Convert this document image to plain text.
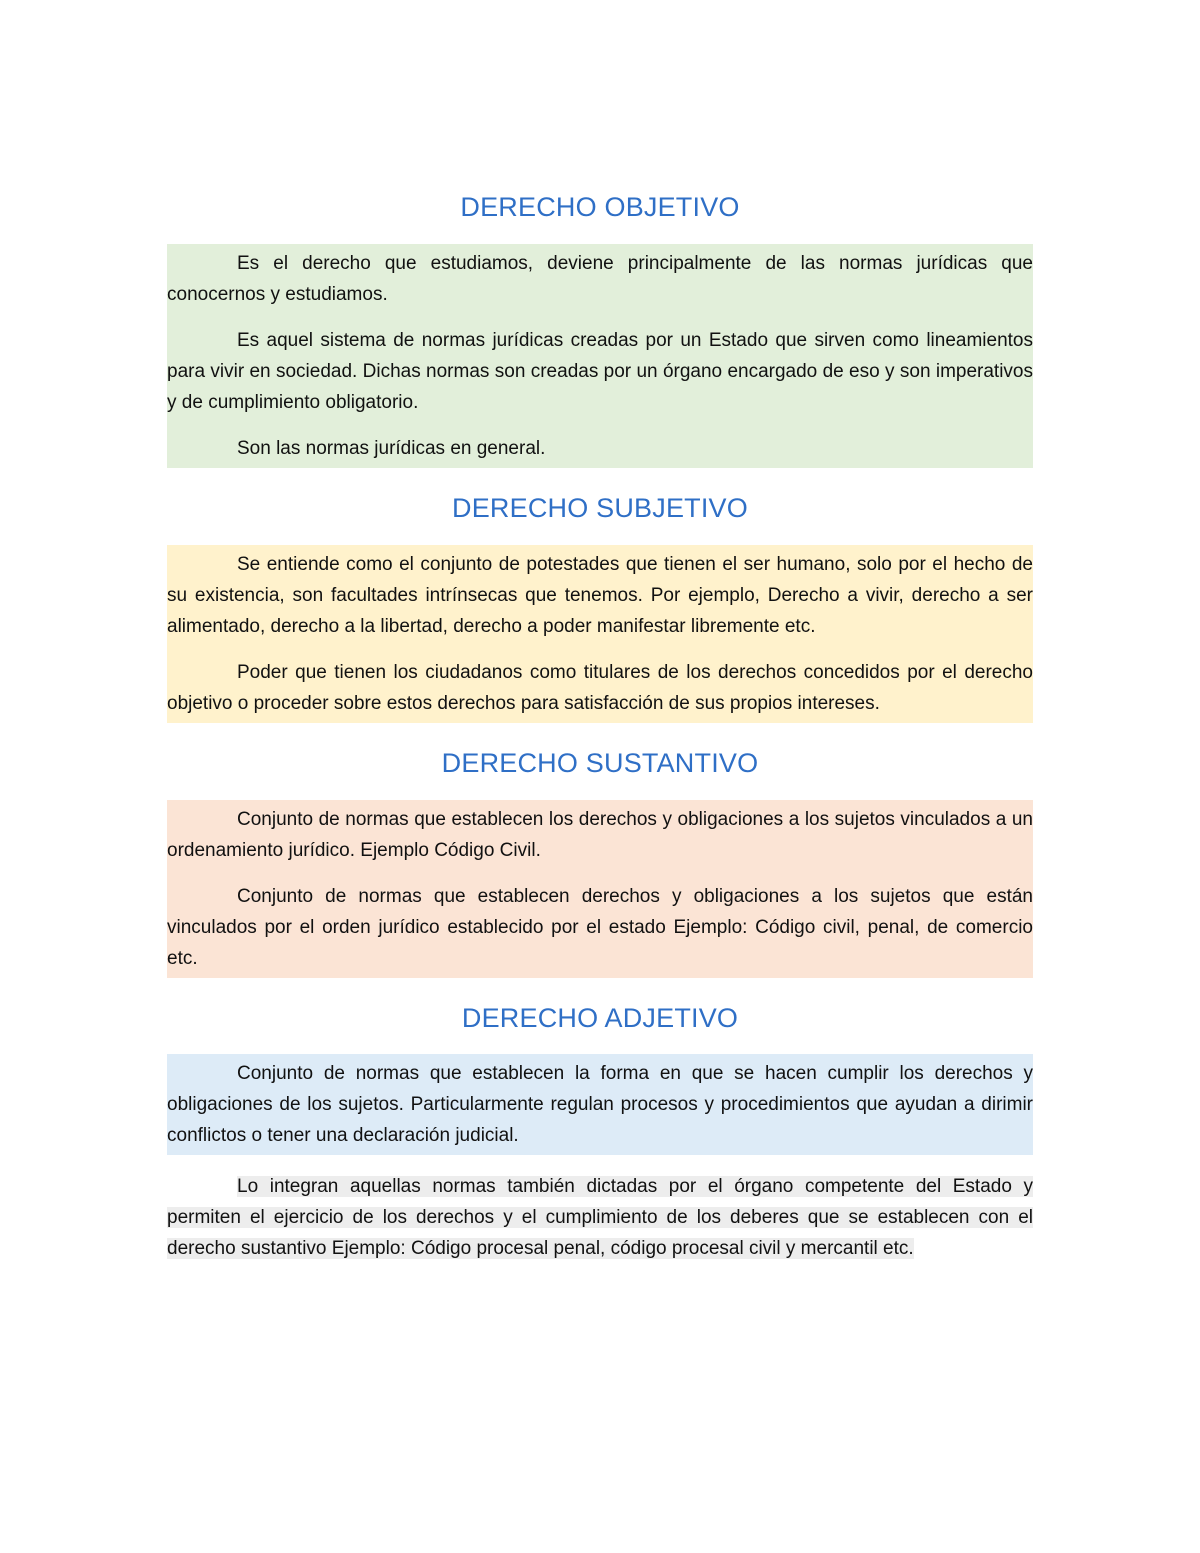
DERECHO OBJETIVO

Es el derecho que estudiamos, deviene principalmente de las normas jurídicas que conocernos y estudiamos.

Es aquel sistema de normas jurídicas creadas por un Estado que sirven como lineamientos para vivir en sociedad. Dichas normas son creadas por un órgano encargado de eso y son imperativos y de cumplimiento obligatorio.

Son las normas jurídicas en general.

DERECHO SUBJETIVO

Se entiende como el conjunto de potestades que tienen el ser humano, solo por el hecho de su existencia, son facultades intrínsecas que tenemos. Por ejemplo, Derecho a vivir, derecho a ser alimentado, derecho a la libertad, derecho a poder manifestar libremente etc.

Poder que tienen los ciudadanos como titulares de los derechos concedidos por el derecho objetivo o proceder sobre estos derechos para satisfacción de sus propios intereses.

DERECHO SUSTANTIVO

Conjunto de normas que establecen los derechos y obligaciones a los sujetos vinculados a un ordenamiento jurídico. Ejemplo Código Civil.

Conjunto de normas que establecen derechos y obligaciones a los sujetos que están vinculados por el orden jurídico establecido por el estado Ejemplo: Código civil, penal, de comercio etc.

DERECHO ADJETIVO

Conjunto de normas que establecen la forma en que se hacen cumplir los derechos y obligaciones de los sujetos. Particularmente regulan procesos y procedimientos que ayudan a dirimir conflictos o tener una declaración judicial.

Lo integran aquellas normas también dictadas por el órgano competente del Estado y permiten el ejercicio de los derechos y el cumplimiento de los deberes que se establecen con el derecho sustantivo Ejemplo: Código procesal penal, código procesal civil y mercantil etc.
